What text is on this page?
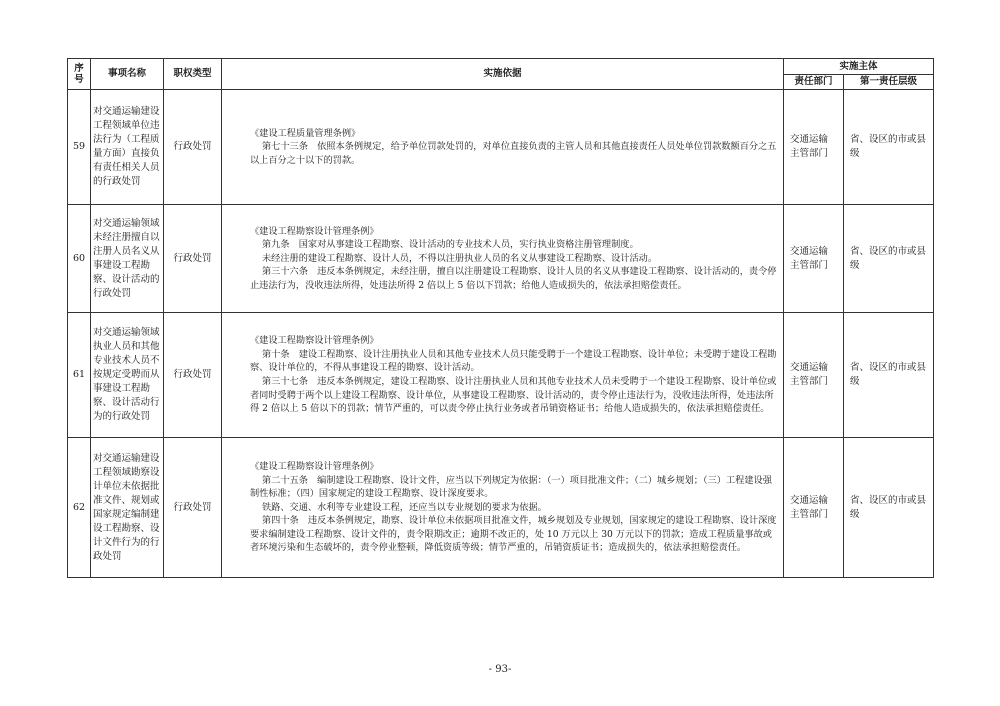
序号	事项名称	职权类型	实施依据	实施主体	
				责任部门	第一责任层级
59	对交通运输建设工程领域单位违法行为（工程质量方面）直接负有责任相关人员的行政处罚	行政处罚	《建设工程质量管理条例》

第七十三条　依照本条例规定，给予单位罚款处罚的，对单位直接负责的主管人员和其他直接责任人员处单位罚款数额百分之五以上百分之十以下的罚款。	交通运输主管部门	省、设区的市或县级
60	对交通运输领域未经注册擅自以注册人员名义从事建设工程勘察、设计活动的行政处罚	行政处罚	《建设工程勘察设计管理条例》

第九条　国家对从事建设工程勘察、设计活动的专业技术人员，实行执业资格注册管理制度。

未经注册的建设工程勘察、设计人员，不得以注册执业人员的名义从事建设工程勘察、设计活动。

第三十六条　违反本条例规定，未经注册，擅自以注册建设工程勘察、设计人员的名义从事建设工程勘察、设计活动的，责令停止违法行为，没收违法所得，处违法所得 2 倍以上 5 倍以下罚款；给他人造成损失的，依法承担赔偿责任。	交通运输主管部门	省、设区的市或县级
61	对交通运输领域执业人员和其他专业技术人员不按规定受聘而从事建设工程勘察、设计活动行为的行政处罚	行政处罚	《建设工程勘察设计管理条例》

第十条　建设工程勘察、设计注册执业人员和其他专业技术人员只能受聘于一个建设工程勘察、设计单位；未受聘于建设工程勘察、设计单位的，不得从事建设工程的勘察、设计活动。

第三十七条　违反本条例规定，建设工程勘察、设计注册执业人员和其他专业技术人员未受聘于一个建设工程勘察、设计单位或者同时受聘于两个以上建设工程勘察、设计单位，从事建设工程勘察、设计活动的，责令停止违法行为，没收违法所得，处违法所得 2 倍以上 5 倍以下的罚款；情节严重的，可以责令停止执行业务或者吊销资格证书；给他人造成损失的，依法承担赔偿责任。	交通运输主管部门	省、设区的市或县级
62	对交通运输建设工程领域勘察设计单位未依据批准文件、规划或国家规定编制建设工程勘察、设计文件行为的行政处罚	行政处罚	《建设工程勘察设计管理条例》

第二十五条　编制建设工程勘察、设计文件，应当以下列规定为依据：（一）项目批准文件；（二）城乡规划；（三）工程建设强制性标准；（四）国家规定的建设工程勘察、设计深度要求。

铁路、交通、水利等专业建设工程，还应当以专业规划的要求为依据。

第四十条　违反本条例规定，勘察、设计单位未依据项目批准文件，城乡规划及专业规划，国家规定的建设工程勘察、设计深度要求编制建设工程勘察、设计文件的，责令限期改正；逾期不改正的，处 10 万元以上 30 万元以下的罚款；造成工程质量事故或者环境污染和生态破坏的，责令停业整顿，降低资质等级；情节严重的，吊销资质证书；造成损失的，依法承担赔偿责任。	交通运输主管部门	省、设区的市或县级
- 93-
